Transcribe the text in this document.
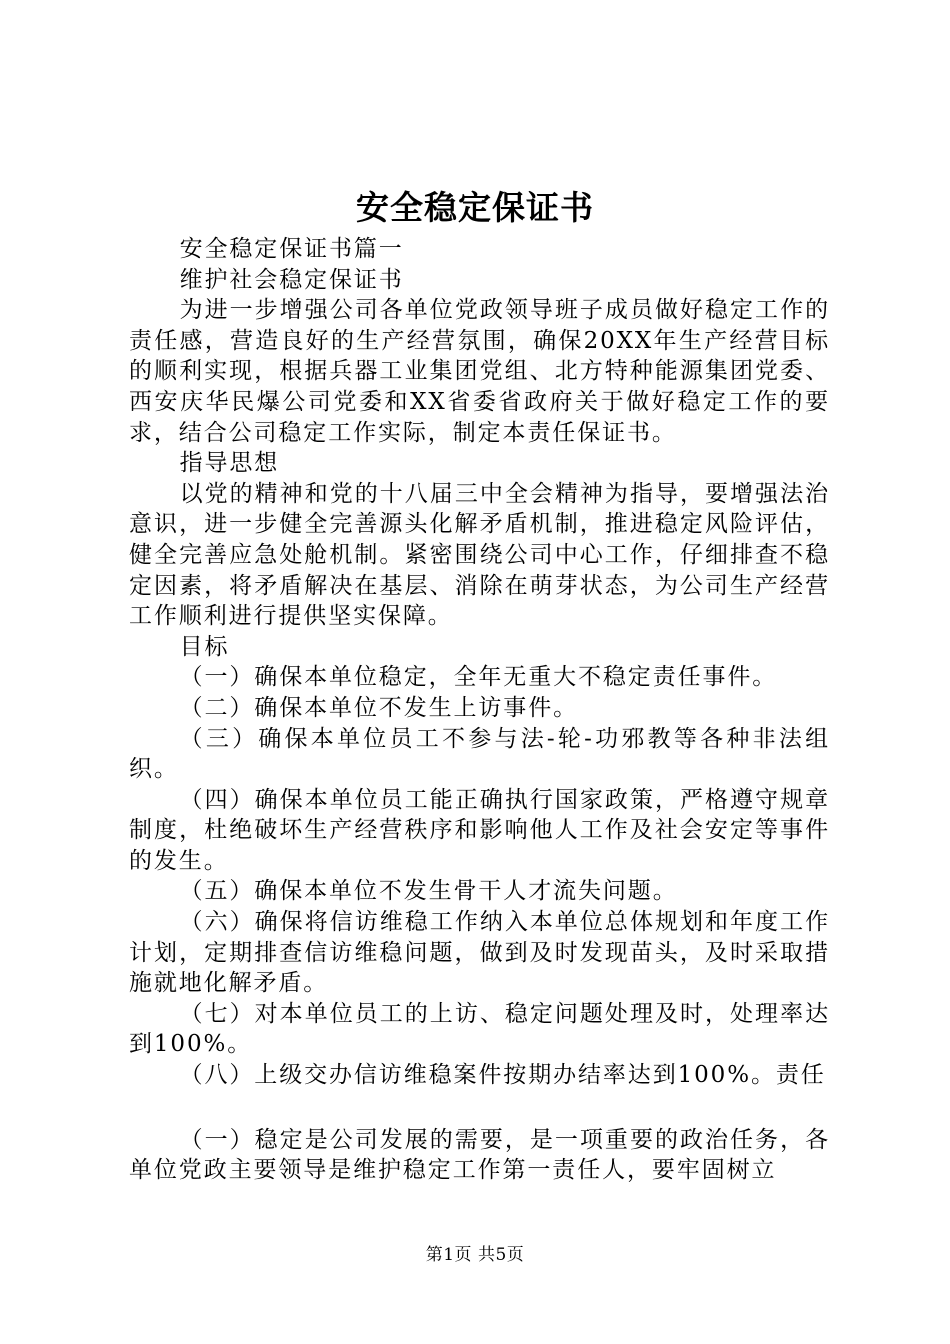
安全稳定保证书

安全稳定保证书篇一

维护社会稳定保证书

为进一步增强公司各单位党政领导班子成员做好稳定工作的责任感，营造良好的生产经营氛围，确保20XX年生产经营目标的顺利实现，根据兵器工业集团党组、北方特种能源集团党委、西安庆华民爆公司党委和XX省委省政府关于做好稳定工作的要求，结合公司稳定工作实际，制定本责任保证书。

指导思想

以党的精神和党的十八届三中全会精神为指导，要增强法治意识，进一步健全完善源头化解矛盾机制，推进稳定风险评估，健全完善应急处舱机制。紧密围绕公司中心工作，仔细排查不稳定因素，将矛盾解决在基层、消除在萌芽状态，为公司生产经营工作顺利进行提供坚实保障。

目标

（一）确保本单位稳定，全年无重大不稳定责任事件。

（二）确保本单位不发生上访事件。

（三）确保本单位员工不参与法-轮-功邪教等各种非法组织。

（四）确保本单位员工能正确执行国家政策，严格遵守规章制度，杜绝破坏生产经营秩序和影响他人工作及社会安定等事件的发生。

（五）确保本单位不发生骨干人才流失问题。

（六）确保将信访维稳工作纳入本单位总体规划和年度工作计划，定期排查信访维稳问题，做到及时发现苗头，及时采取措施就地化解矛盾。

（七）对本单位员工的上访、稳定问题处理及时，处理率达到100%。

（八）上级交办信访维稳案件按期办结率达到100%。责任

（一）稳定是公司发展的需要，是一项重要的政治任务，各单位党政主要领导是维护稳定工作第一责任人，要牢固树立

第1页 共5页
